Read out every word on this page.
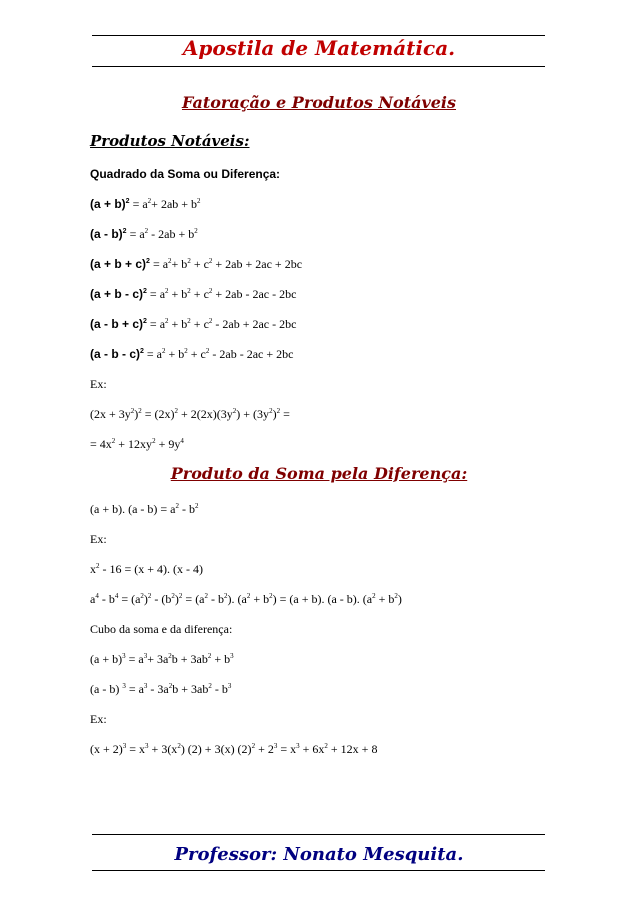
Apostila de Matemática.
Fatoração e Produtos Notáveis
Produtos Notáveis:
Quadrado da Soma ou Diferença:
$(a + b)^2 = a^2+ 2ab + b^2$
$(a - b)^2 = a^2 - 2ab + b^2$
$(a + b + c)^2 = a^2+ b^2 + c^2 + 2ab + 2ac + 2bc$
$(a + b - c)^2 = a^2 + b^2 + c^2 + 2ab - 2ac - 2bc$
$(a - b + c)^2 = a^2 + b^2 + c^2 - 2ab + 2ac - 2bc$
$(a - b - c)^2 = a^2 + b^2 + c^2 - 2ab - 2ac + 2bc$
Ex:
$(2x + 3y^2)^2 = (2x)^2 + 2(2x)(3y^2) + (3y^2)^2$ =
= $4x^2 + 12xy^2 + 9y^4$
Produto da Soma pela Diferença:
(a + b). $(a - b) = a^2 - b^2$
Ex:
$x^2 - 16 = (x + 4)$. (x - 4)
$a^4 - b^4 = (a^2)^2 - (b^2)^2 = (a^2 - b^2)$. $(a^2 + b^2) = (a + b)$. (a - b). $(a^2 + b^2)$
Cubo da soma e da diferença:
$(a + b)^3 = a^3+ 3a^2b + 3ab^2 + b^3$
(a - b) $^3 = a^3 - 3a^2b + 3ab^2 - b^3$
Ex:
$(x + 2)^3 = x^3 + 3(x^2)$ (2) + 3(x) $(2)^2 + 2^3 = x^3 + 6x^2 + 12x + 8$
Professor: Nonato Mesquita.
